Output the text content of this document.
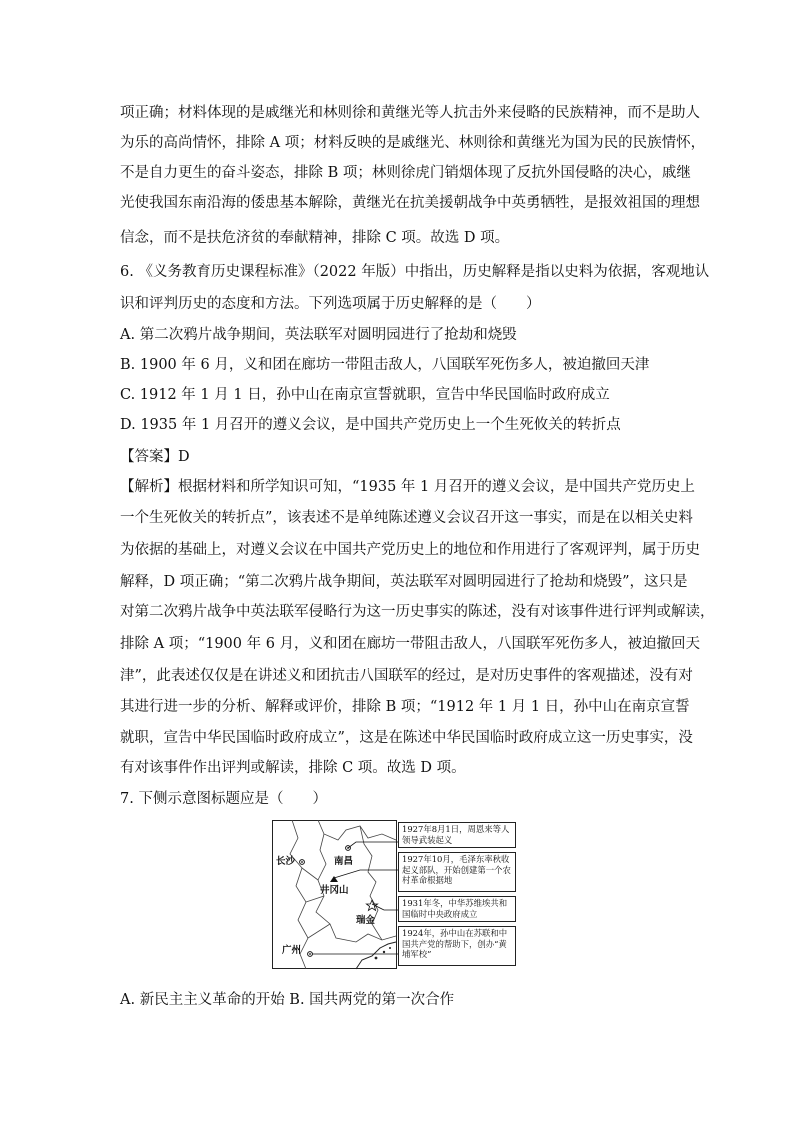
项正确；材料体现的是戚继光和林则徐和黄继光等人抗击外来侵略的民族精神，而不是助人
为乐的高尚情怀，排除 A 项；材料反映的是戚继光、林则徐和黄继光为国为民的民族情怀，
不是自力更生的奋斗姿态，排除 B 项；林则徐虎门销烟体现了反抗外国侵略的决心，戚继
光使我国东南沿海的倭患基本解除，黄继光在抗美援朝战争中英勇牺牲，是报效祖国的理想
信念，而不是扶危济贫的奉献精神，排除 C 项。故选 D 项。
6. 《义务教育历史课程标准》（2022 年版）中指出，历史解释是指以史料为依据，客观地认
识和评判历史的态度和方法。下列选项属于历史解释的是（　　）
A. 第二次鸦片战争期间，英法联军对圆明园进行了抢劫和烧毁
B. 1900 年 6 月，义和团在廊坊一带阻击敌人，八国联军死伤多人，被迫撤回天津
C. 1912 年 1 月 1 日，孙中山在南京宣誓就职，宣告中华民国临时政府成立
D. 1935 年 1 月召开的遵义会议，是中国共产党历史上一个生死攸关的转折点
【答案】D
【解析】根据材料和所学知识可知，“1935 年 1 月召开的遵义会议，是中国共产党历史上
一个生死攸关的转折点”，该表述不是单纯陈述遵义会议召开这一事实，而是在以相关史料
为依据的基础上，对遵义会议在中国共产党历史上的地位和作用进行了客观评判，属于历史
解释，D 项正确；“第二次鸦片战争期间，英法联军对圆明园进行了抢劫和烧毁”，这只是
对第二次鸦片战争中英法联军侵略行为这一历史事实的陈述，没有对该事件进行评判或解读，
排除 A 项；“1900 年 6 月，义和团在廊坊一带阻击敌人，八国联军死伤多人，被迫撤回天
津”，此表述仅仅是在讲述义和团抗击八国联军的经过，是对历史事件的客观描述，没有对
其进行进一步的分析、解释或评价，排除 B 项；“1912 年 1 月 1 日，孙中山在南京宣誓
就职，宣告中华民国临时政府成立”，这是在陈述中华民国临时政府成立这一历史事实，没
有对该事件作出评判或解读，排除 C 项。故选 D 项。
7. 下侧示意图标题应是（　　）
长沙	南昌
井冈山
瑞金
广州
1927年8月1日，周恩来等人领导武装起义
1927年10月，毛泽东率秋收起义部队，开始创建第一个农村革命根据地
1931年冬，中华苏维埃共和国临时中央政府成立
1924年，孙中山在苏联和中国共产党的帮助下，创办“黄埔军校”
A. 新民主主义革命的开始 B. 国共两党的第一次合作
